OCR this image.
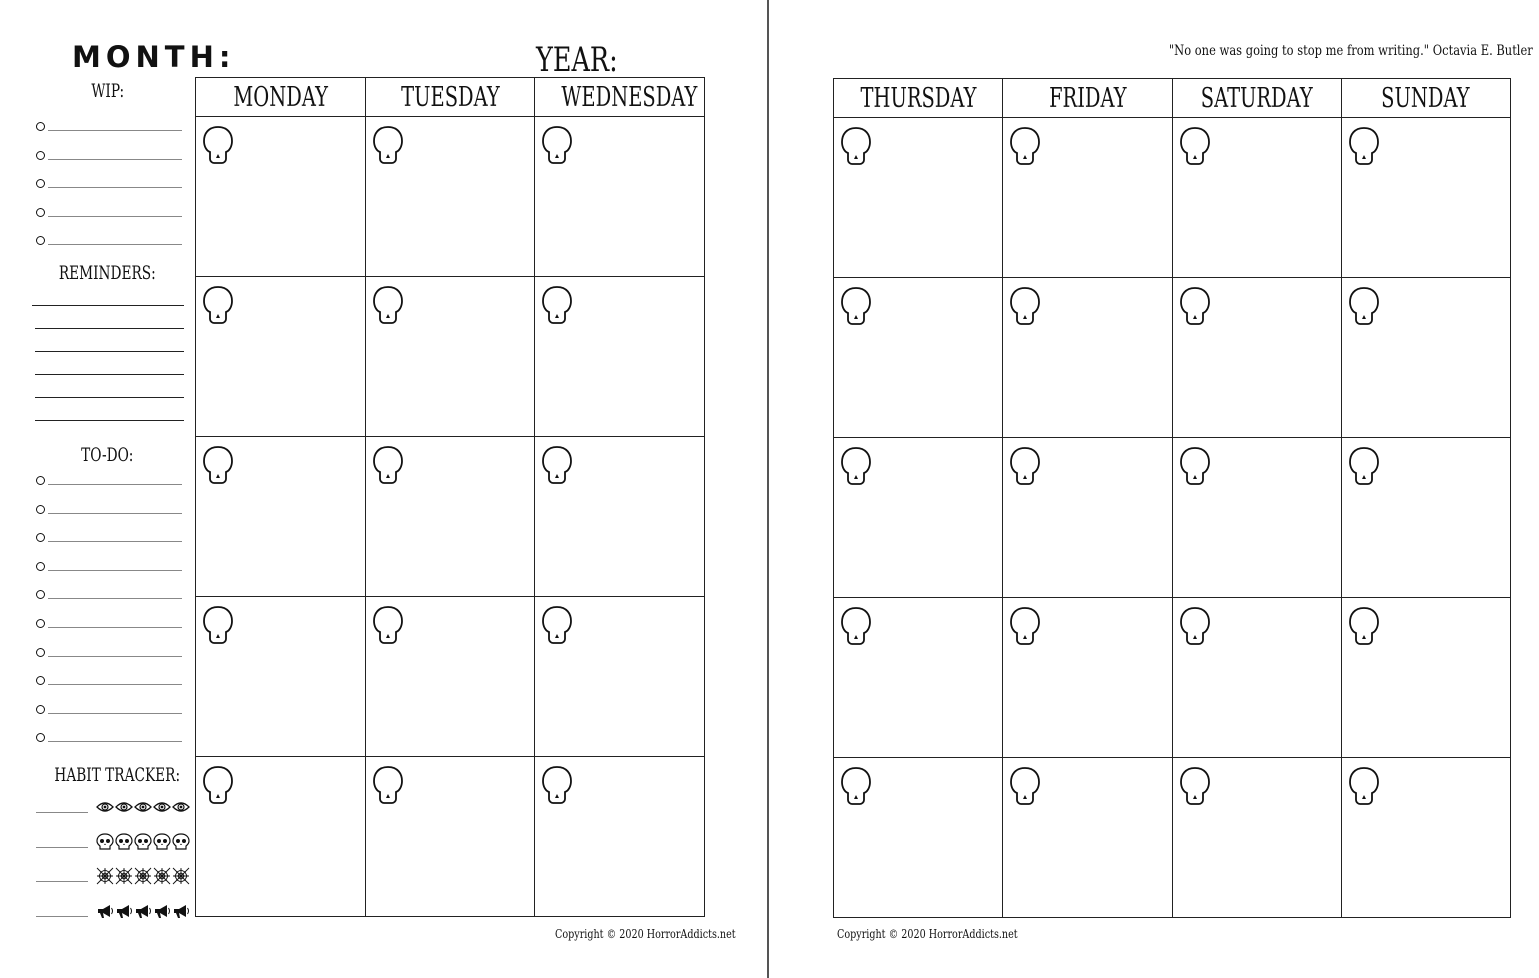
MONTH:	YEAR:
WIP:
REMINDERS:
TO-DO:
HABIT TRACKER:
MONDAY	TUESDAY	WEDNESDAY

Copyright © 2020 HorrorAddicts.net
"No one was going to stop me from writing." Octavia E. Butler
THURSDAY	FRIDAY	SATURDAY	SUNDAY

Copyright © 2020 HorrorAddicts.net
